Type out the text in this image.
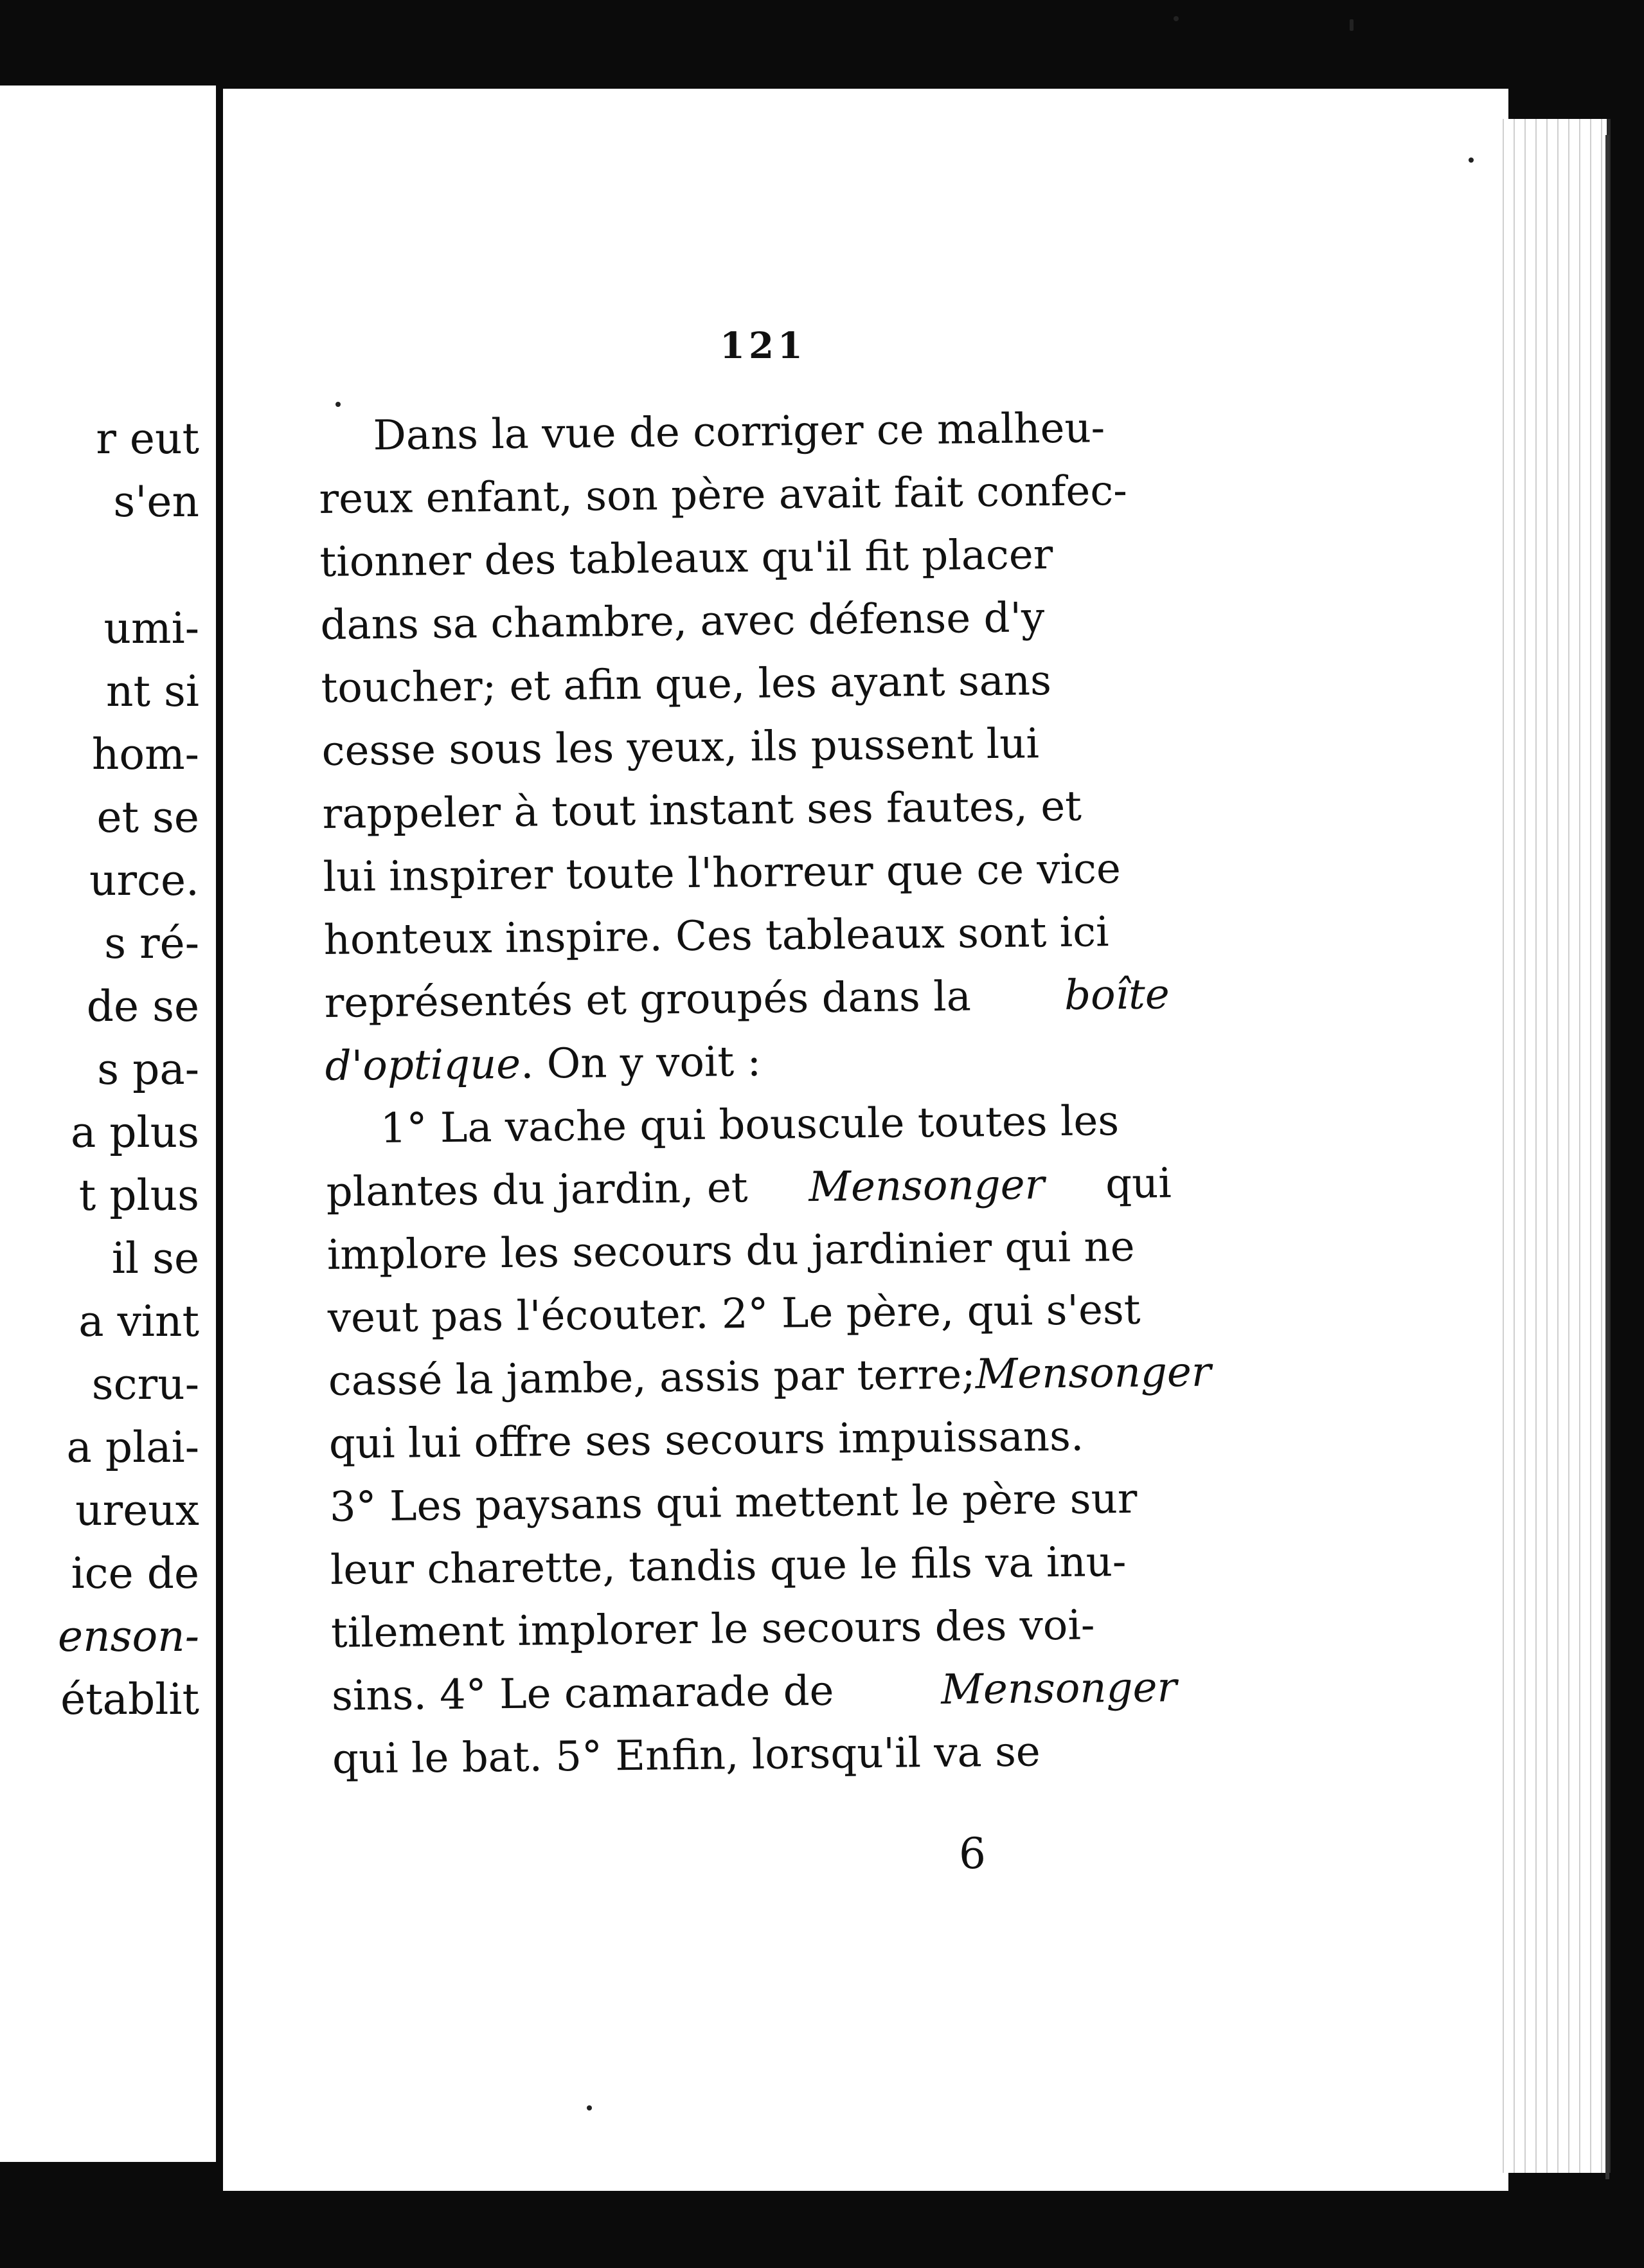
r eut
s'en
umi-
nt si
hom-
et se
urce.
s ré-
de se
s pa-
a plus
t plus
il se
a vint
scru-
a plai-
ureux
ice de
enson-
établit
121
Dans la vue de corriger ce malheu-
reux enfant, son père avait fait confec-
tionner des tableaux qu'il fit placer
dans sa chambre, avec défense d'y
toucher; et afin que, les ayant sans
cesse sous les yeux, ils pussent lui
rappeler à tout instant ses fautes, et
lui inspirer toute l'horreur que ce vice
honteux inspire. Ces tableaux sont ici
représentés et groupés dans la boîte
d'optique . On y voit :
1° La vache qui bouscule toutes les
plantes du jardin, et Mensonger qui
implore les secours du jardinier qui ne
veut pas l'écouter. 2° Le père, qui s'est
cassé la jambe, assis par terre; Mensonger
qui lui offre ses secours impuissans.
3° Les paysans qui mettent le père sur
leur charette, tandis que le fils va inu-
tilement implorer le secours des voi-
sins. 4° Le camarade de	Mensonger
qui le bat. 5° Enfin, lorsqu'il va se
6
